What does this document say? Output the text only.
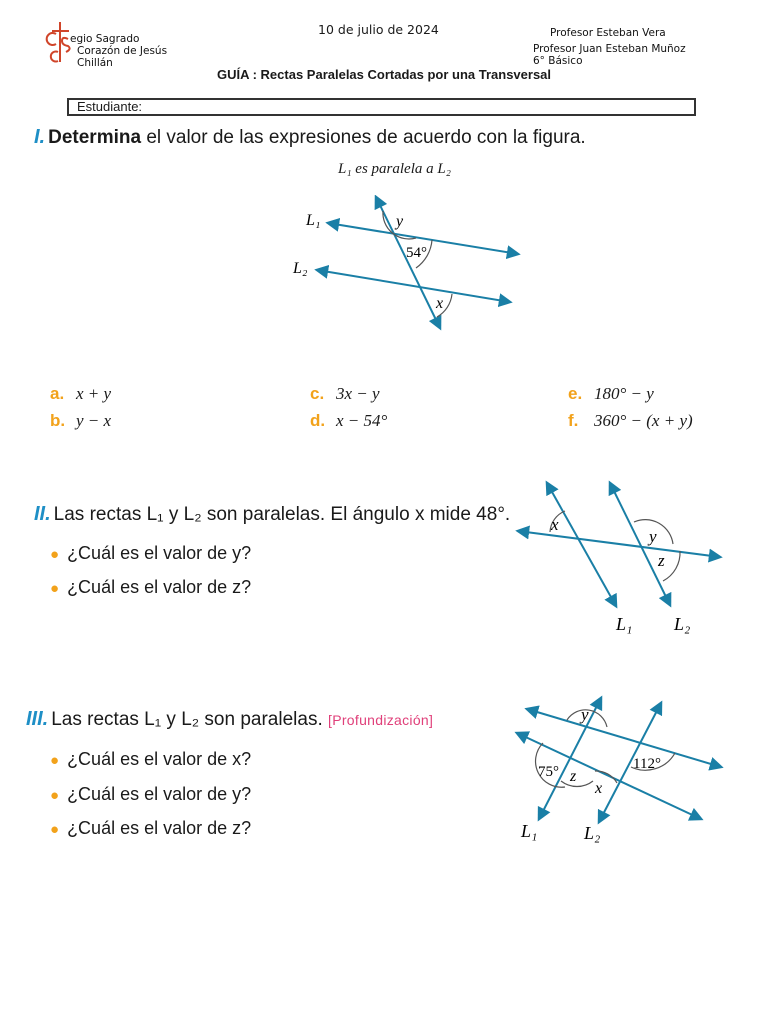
egio Sagrado
Corazón de Jesús
Chillán
10 de julio de 2024	Profesor Esteban Vera
Profesor Juan Esteban Muñoz
6° Básico
GUÍA : Rectas Paralelas Cortadas por una Transversal
Estudiante:
I. Determina el valor de las expresiones de acuerdo con la figura.
L₁ es paralela a L₂
L₁
L₂
y
54°
x
a. x + y
b. y − x
c. 3x − y
d. x − 54°
e. 180° − y
f. 360° − (x + y)
II. Las rectas L₁ y L₂ son paralelas. El ángulo x mide 48°.
● ¿Cuál es el valor de y?
● ¿Cuál es el valor de z?
x
y
z
L₁ L₂
III. Las rectas L₁ y L₂ son paralelas. [Profundización]
● ¿Cuál es el valor de x?
● ¿Cuál es el valor de y?
● ¿Cuál es el valor de z?
y
75° z
x
112°
L₁	L₂
